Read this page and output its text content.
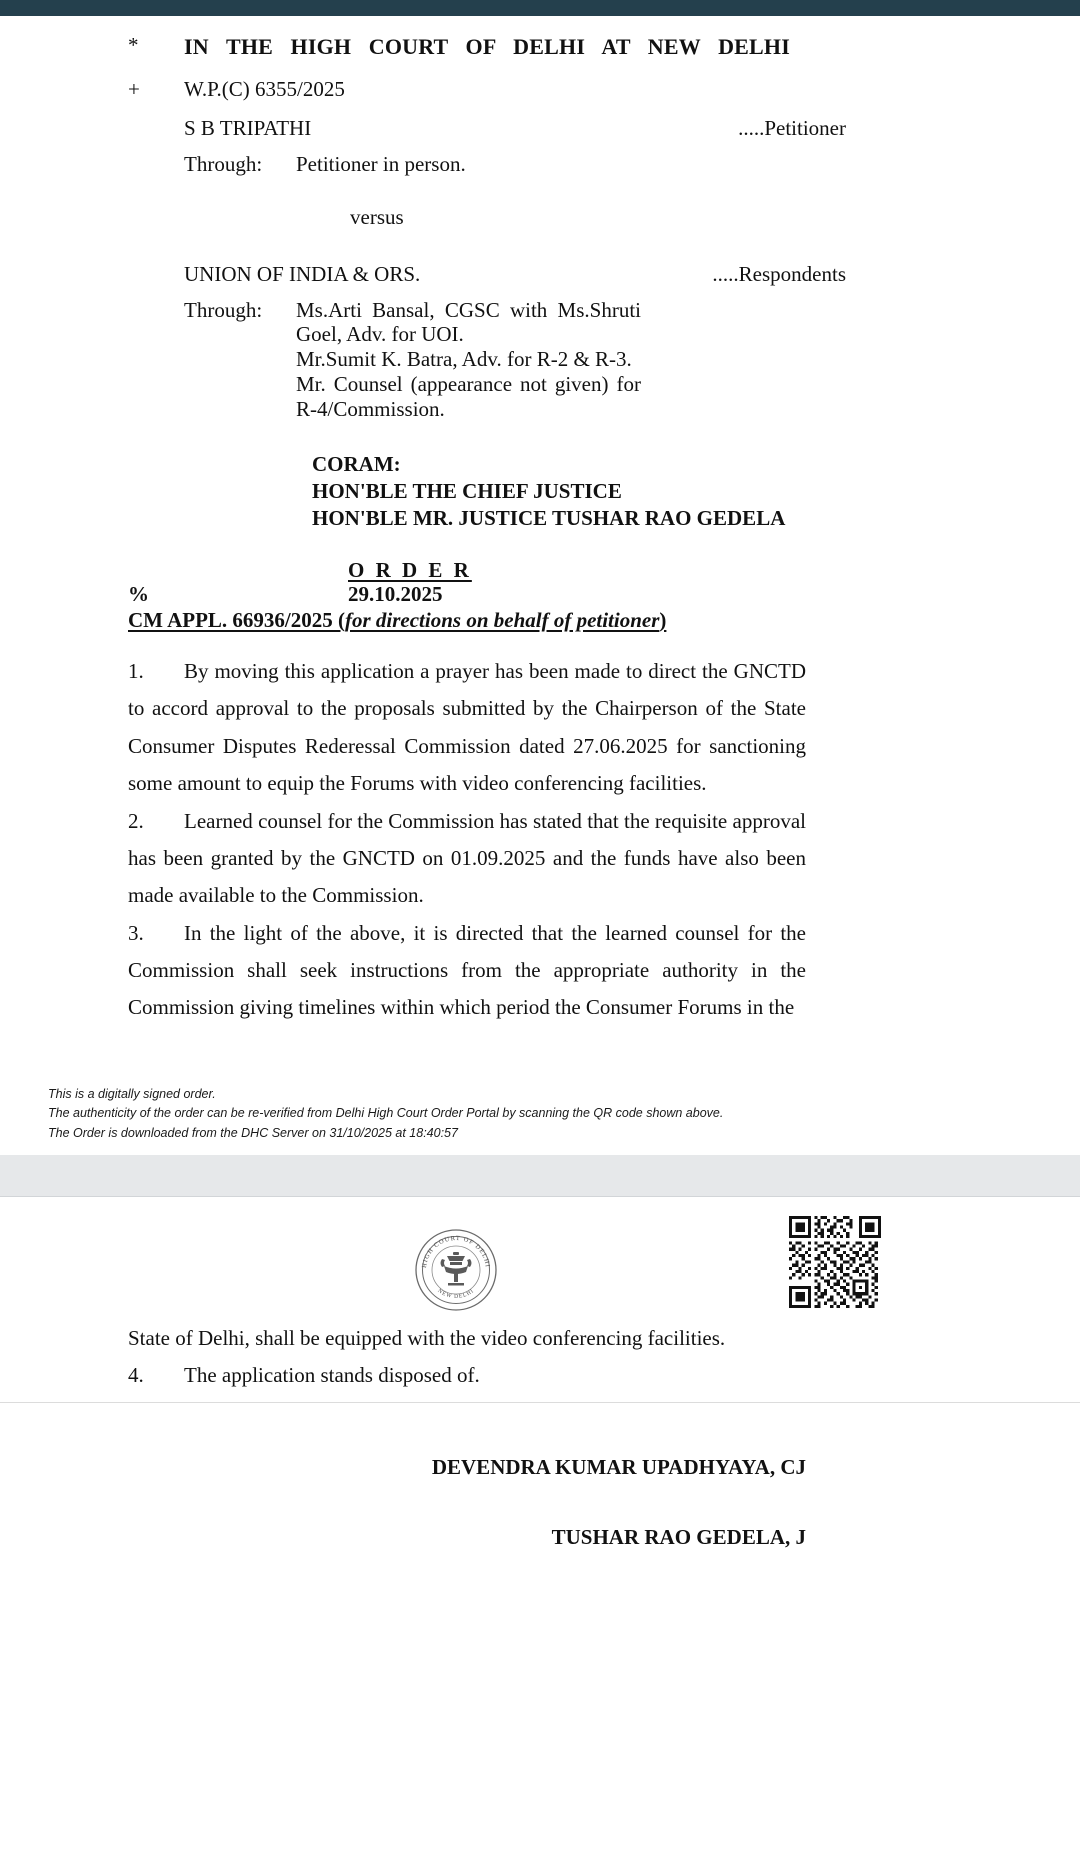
*	IN THE HIGH COURT OF DELHI AT NEW DELHI
+	W.P.(C) 6355/2025
S B TRIPATHI	.....Petitioner
Through:	Petitioner in person.
versus
UNION OF INDIA & ORS.	.....Respondents
Through:	Ms.Arti Bansal, CGSC with Ms.Shruti Goel, Adv. for UOI.
Mr.Sumit K. Batra, Adv. for R-2 & R-3.
Mr. Counsel (appearance not given) for R-4/Commission.
CORAM:
HON'BLE THE CHIEF JUSTICE
HON'BLE MR. JUSTICE TUSHAR RAO GEDELA
O R D E R
%	29.10.2025
CM APPL. 66936/2025 (for directions on behalf of petitioner)
1. By moving this application a prayer has been made to direct the GNCTD to accord approval to the proposals submitted by the Chairperson of the State Consumer Disputes Rederessal Commission dated 27.06.2025 for sanctioning some amount to equip the Forums with video conferencing facilities.
2. Learned counsel for the Commission has stated that the requisite approval has been granted by the GNCTD on 01.09.2025 and the funds have also been made available to the Commission.
3. In the light of the above, it is directed that the learned counsel for the Commission shall seek instructions from the appropriate authority in the Commission giving timelines within which period the Consumer Forums in the
This is a digitally signed order.
The authenticity of the order can be re-verified from Delhi High Court Order Portal by scanning the QR code shown above.
The Order is downloaded from the DHC Server on 31/10/2025 at 18:40:57
HIGH COURT OF DELHI
NEW DELHI
State of Delhi, shall be equipped with the video conferencing facilities.
4. The application stands disposed of.
DEVENDRA KUMAR UPADHYAYA, CJ
TUSHAR RAO GEDELA, J
